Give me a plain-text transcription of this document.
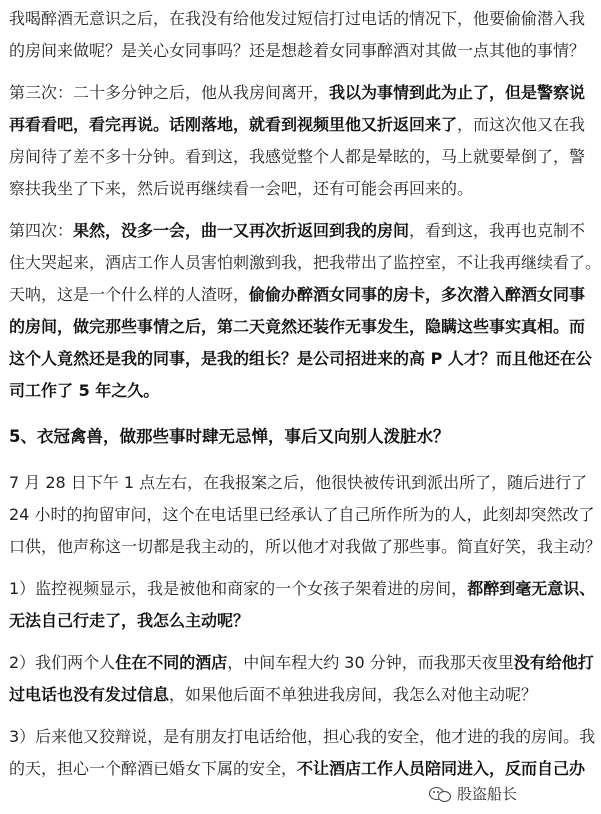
我喝醉酒无意识之后，在我没有给他发过短信打过电话的情况下，他要偷偷潜入我
的房间来做呢？是关心女同事吗？还是想趁着女同事醉酒对其做一点其他的事情？
第三次：二十多分钟之后，他从我房间离开，我以为事情到此为止了，但是警察说
再看看吧，看完再说。话刚落地，就看到视频里他又折返回来了，而这次他又在我
房间待了差不多十分钟。看到这，我感觉整个人都是晕眩的，马上就要晕倒了，警
察扶我坐了下来，然后说再继续看一会吧，还有可能会再回来的。
第四次：果然，没多一会，曲一又再次折返回到我的房间，看到这，我再也克制不
住大哭起来，酒店工作人员害怕刺激到我，把我带出了监控室，不让我再继续看了。
天呐，这是一个什么样的人渣呀，偷偷办醉酒女同事的房卡，多次潜入醉酒女同事
的房间，做完那些事情之后，第二天竟然还装作无事发生，隐瞒这些事实真相。而
这个人竟然还是我的同事，是我的组长？是公司招进来的高 P 人才？而且他还在公
司工作了 5 年之久。
5、衣冠禽兽，做那些事时肆无忌惮，事后又向别人泼脏水？
7 月 28 日下午 1 点左右，在我报案之后，他很快被传讯到派出所了，随后进行了
24 小时的拘留审问，这个在电话里已经承认了自己所作所为的人，此刻却突然改了
口供，他声称这一切都是我主动的，所以他才对我做了那些事。简直好笑，我主动？
1）监控视频显示，我是被他和商家的一个女孩子架着进的房间，都醉到毫无意识、
无法自己行走了，我怎么主动呢？
2）我们两个人住在不同的酒店，中间车程大约 30 分钟，而我那天夜里没有给他打
过电话也没有发过信息，如果他后面不单独进我房间，我怎么对他主动呢？
3）后来他又狡辩说，是有朋友打电话给他，担心我的安全，他才进的我的房间。我
的天，担心一个醉酒已婚女下属的安全，不让酒店工作人员陪同进入，反而自己办
股盗船长
